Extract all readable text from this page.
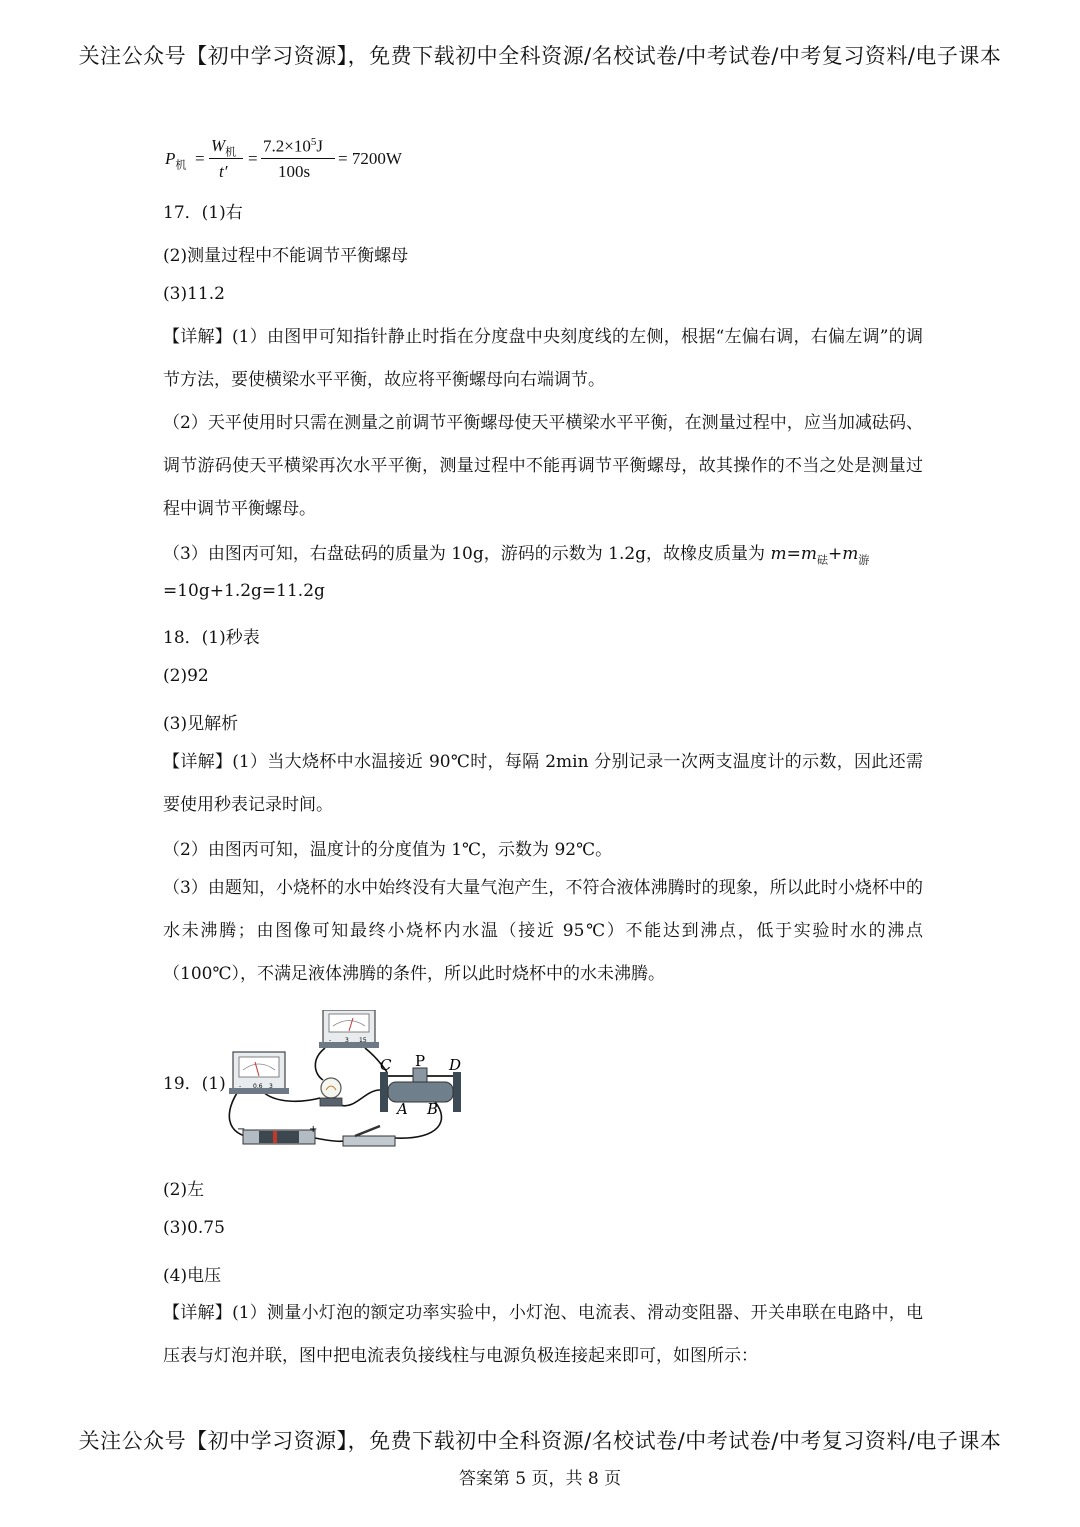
关注公众号【初中学习资源】，免费下载初中全科资源/名校试卷/中考试卷/中考复习资料/电子课本
$P_机$ =
$W_机$
t′
=
$7.2\times 10^5J$
100s
= 7200W
17．(1)右
(2)测量过程中不能调节平衡螺母
(3)11.2
【详解】(1）由图甲可知指针静止时指在分度盘中央刻度线的左侧，根据“左偏右调，右偏左调”的调节方法，要使横梁水平平衡，故应将平衡螺母向右端调节。
（2）天平使用时只需在测量之前调节平衡螺母使天平横梁水平平衡，在测量过程中，应当加减砝码、调节游码使天平横梁再次水平平衡，测量过程中不能再调节平衡螺母，故其操作的不当之处是测量过程中调节平衡螺母。
（3）由图丙可知，右盘砝码的质量为 10g，游码的示数为 1.2g，故橡皮质量为 $m=m_砝+m_游$
=10g+1.2g=11.2g
18．(1)秒表
(2)92
(3)见解析
【详解】(1）当大烧杯中水温接近 90℃时，每隔 2min 分别记录一次两支温度计的示数，因此还需要使用秒表记录时间。
（2）由图丙可知，温度计的分度值为 1℃，示数为 92℃。
（3）由题知，小烧杯的水中始终没有大量气泡产生，不符合液体沸腾时的现象，所以此时小烧杯中的水未沸腾；由图像可知最终小烧杯内水温（接近 95℃）不能达到沸点，低于实验时水的沸点（100℃），不满足液体沸腾的条件，所以此时烧杯中的水未沸腾。
19．(1) - 0.6 3
- 3 15
C P D
A B
−	+
(2)左
(3)0.75
(4)电压
【详解】(1）测量小灯泡的额定功率实验中，小灯泡、电流表、滑动变阻器、开关串联在电路中，电压表与灯泡并联，图中把电流表负接线柱与电源负极连接起来即可，如图所示：
关注公众号【初中学习资源】，免费下载初中全科资源/名校试卷/中考试卷/中考复习资料/电子课本
答案第 5 页，共 8 页
